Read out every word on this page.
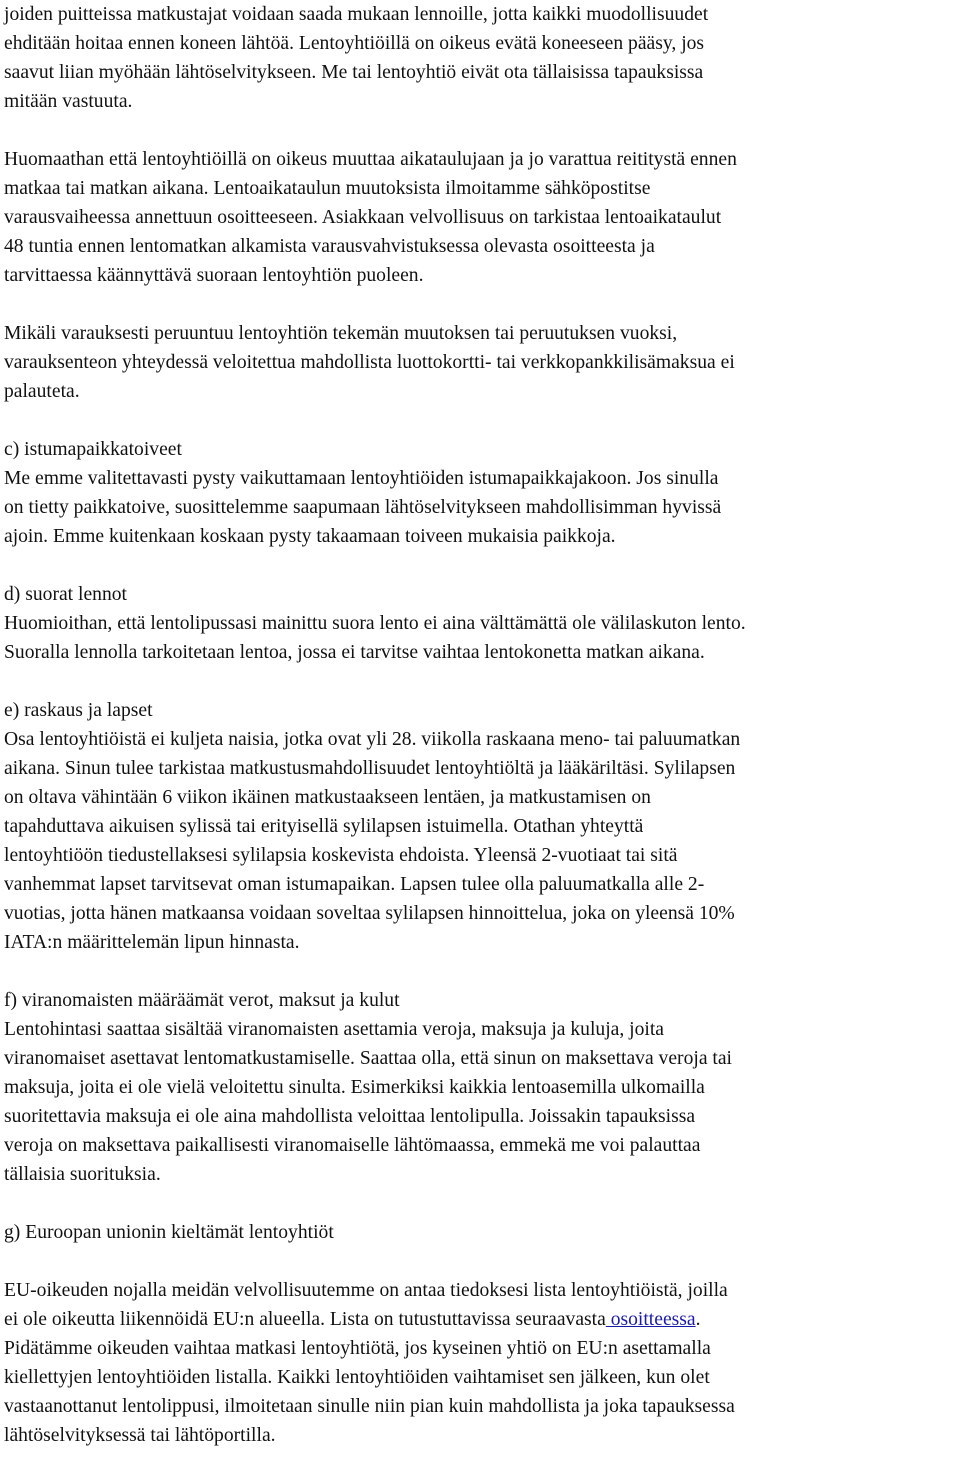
joiden puitteissa matkustajat voidaan saada mukaan lennoille, jotta kaikki muodollisuudet
ehditään hoitaa ennen koneen lähtöä. Lentoyhtiöillä on oikeus evätä koneeseen pääsy, jos
saavut liian myöhään lähtöselvitykseen. Me tai lentoyhtiö eivät ota tällaisissa tapauksissa
mitään vastuuta.
Huomaathan että lentoyhtiöillä on oikeus muuttaa aikataulujaan ja jo varattua reititystä ennen
matkaa tai matkan aikana. Lentoaikataulun muutoksista ilmoitamme sähköpostitse
varausvaiheessa annettuun osoitteeseen. Asiakkaan velvollisuus on tarkistaa lentoaikataulut
48 tuntia ennen lentomatkan alkamista varausvahvistuksessa olevasta osoitteesta ja
tarvittaessa käännyttävä suoraan lentoyhtiön puoleen.
Mikäli varauksesti peruuntuu lentoyhtiön tekemän muutoksen tai peruutuksen vuoksi,
varauksenteon yhteydessä veloitettua mahdollista luottokortti- tai verkkopankkilisämaksua ei
palauteta.
c) istumapaikkatoiveet
Me emme valitettavasti pysty vaikuttamaan lentoyhtiöiden istumapaikkajakoon. Jos sinulla
on tietty paikkatoive, suosittelemme saapumaan lähtöselvitykseen mahdollisimman hyvissä
ajoin. Emme kuitenkaan koskaan pysty takaamaan toiveen mukaisia paikkoja.
d) suorat lennot
Huomioithan, että lentolipussasi mainittu suora lento ei aina välttämättä ole välilaskuton lento.
Suoralla lennolla tarkoitetaan lentoa, jossa ei tarvitse vaihtaa lentokonetta matkan aikana.
e) raskaus ja lapset
Osa lentoyhtiöistä ei kuljeta naisia, jotka ovat yli 28. viikolla raskaana meno- tai paluumatkan
aikana. Sinun tulee tarkistaa matkustusmahdollisuudet lentoyhtiöltä ja lääkäriltäsi. Sylilapsen
on oltava vähintään 6 viikon ikäinen matkustaakseen lentäen, ja matkustamisen on
tapahduttava aikuisen sylissä tai erityisellä sylilapsen istuimella. Otathan yhteyttä
lentoyhtiöön tiedustellaksesi sylilapsia koskevista ehdoista. Yleensä 2-vuotiaat tai sitä
vanhemmat lapset tarvitsevat oman istumapaikan. Lapsen tulee olla paluumatkalla alle 2-
vuotias, jotta hänen matkaansa voidaan soveltaa sylilapsen hinnoittelua, joka on yleensä 10%
IATA:n määrittelemän lipun hinnasta.
f) viranomaisten määräämät verot, maksut ja kulut
Lentohintasi saattaa sisältää viranomaisten asettamia veroja, maksuja ja kuluja, joita
viranomaiset asettavat lentomatkustamiselle. Saattaa olla, että sinun on maksettava veroja tai
maksuja, joita ei ole vielä veloitettu sinulta. Esimerkiksi kaikkia lentoasemilla ulkomailla
suoritettavia maksuja ei ole aina mahdollista veloittaa lentolipulla. Joissakin tapauksissa
veroja on maksettava paikallisesti viranomaiselle lähtömaassa, emmekä me voi palauttaa
tällaisia suorituksia.
g) Euroopan unionin kieltämät lentoyhtiöt
EU-oikeuden nojalla meidän velvollisuutemme on antaa tiedoksesi lista lentoyhtiöistä, joilla
ei ole oikeutta liikennöidä EU:n alueella. Lista on tutustuttavissa seuraavasta osoitteessa.
Pidätämme oikeuden vaihtaa matkasi lentoyhtiötä, jos kyseinen yhtiö on EU:n asettamalla
kiellettyjen lentoyhtiöiden listalla. Kaikki lentoyhtiöiden vaihtamiset sen jälkeen, kun olet
vastaanottanut lentolippusi, ilmoitetaan sinulle niin pian kuin mahdollista ja joka tapauksessa
lähtöselvityksessä tai lähtöportilla.
